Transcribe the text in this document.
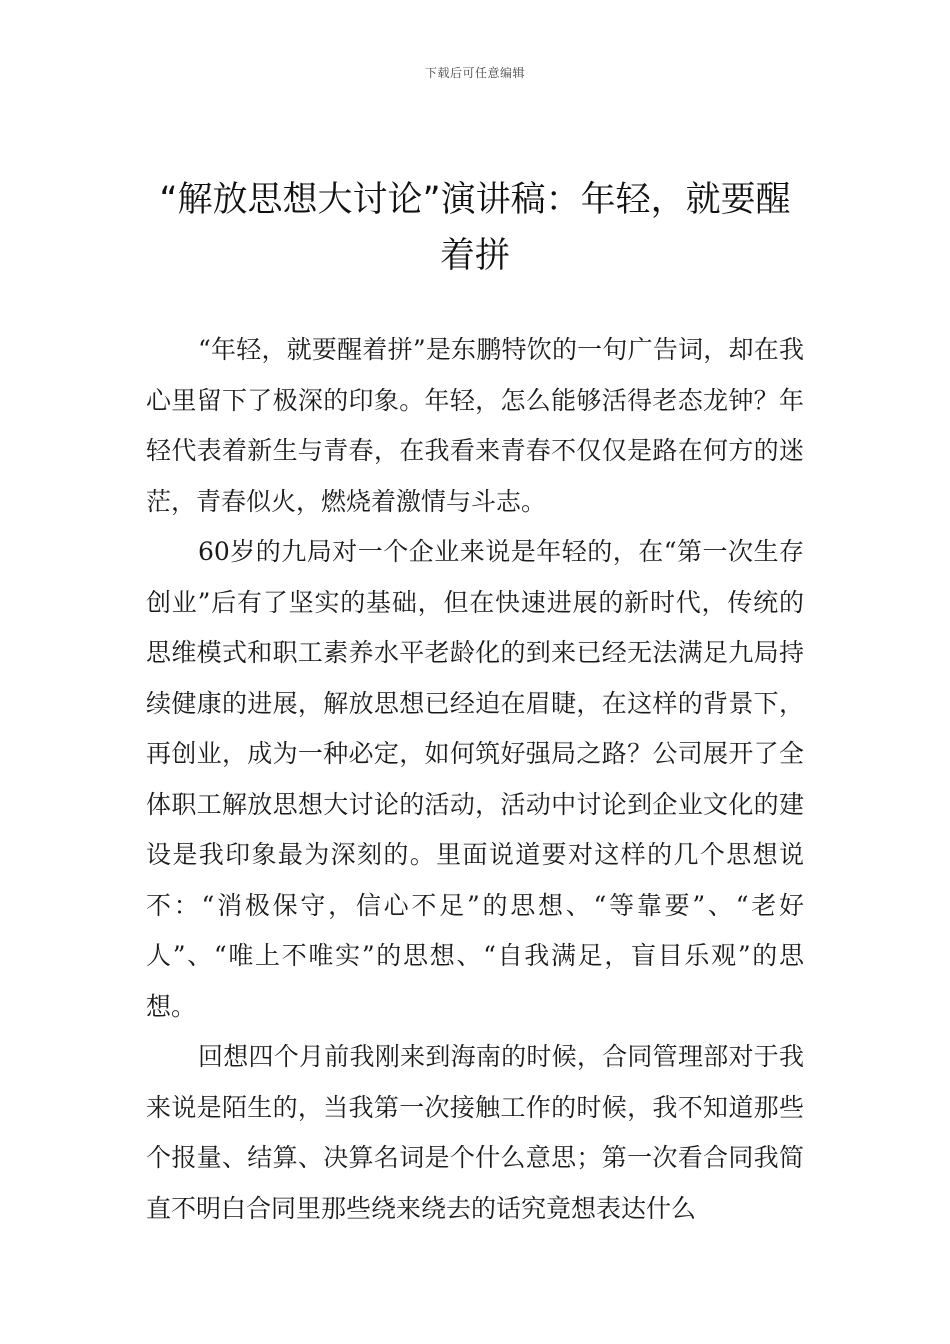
下载后可任意编辑
“解放思想大讨论”演讲稿：年轻，就要醒着拼

“年轻，就要醒着拼”是东鹏特饮的一句广告词，却在我心里留下了极深的印象。年轻，怎么能够活得老态龙钟？年轻代表着新生与青春，在我看来青春不仅仅是路在何方的迷茫，青春似火，燃烧着激情与斗志。

60岁的九局对一个企业来说是年轻的，在“第一次生存创业”后有了坚实的基础，但在快速进展的新时代，传统的思维模式和职工素养水平老龄化的到来已经无法满足九局持续健康的进展，解放思想已经迫在眉睫，在这样的背景下，再创业，成为一种必定，如何筑好强局之路？公司展开了全体职工解放思想大讨论的活动，活动中讨论到企业文化的建设是我印象最为深刻的。里面说道要对这样的几个思想说不：“消极保守，信心不足”的思想、“等靠要”、“老好人”、“唯上不唯实”的思想、“自我满足，盲目乐观”的思想。

回想四个月前我刚来到海南的时候，合同管理部对于我来说是陌生的，当我第一次接触工作的时候，我不知道那些个报量、结算、决算名词是个什么意思；第一次看合同我简直不明白合同里那些绕来绕去的话究竟想表达什么
